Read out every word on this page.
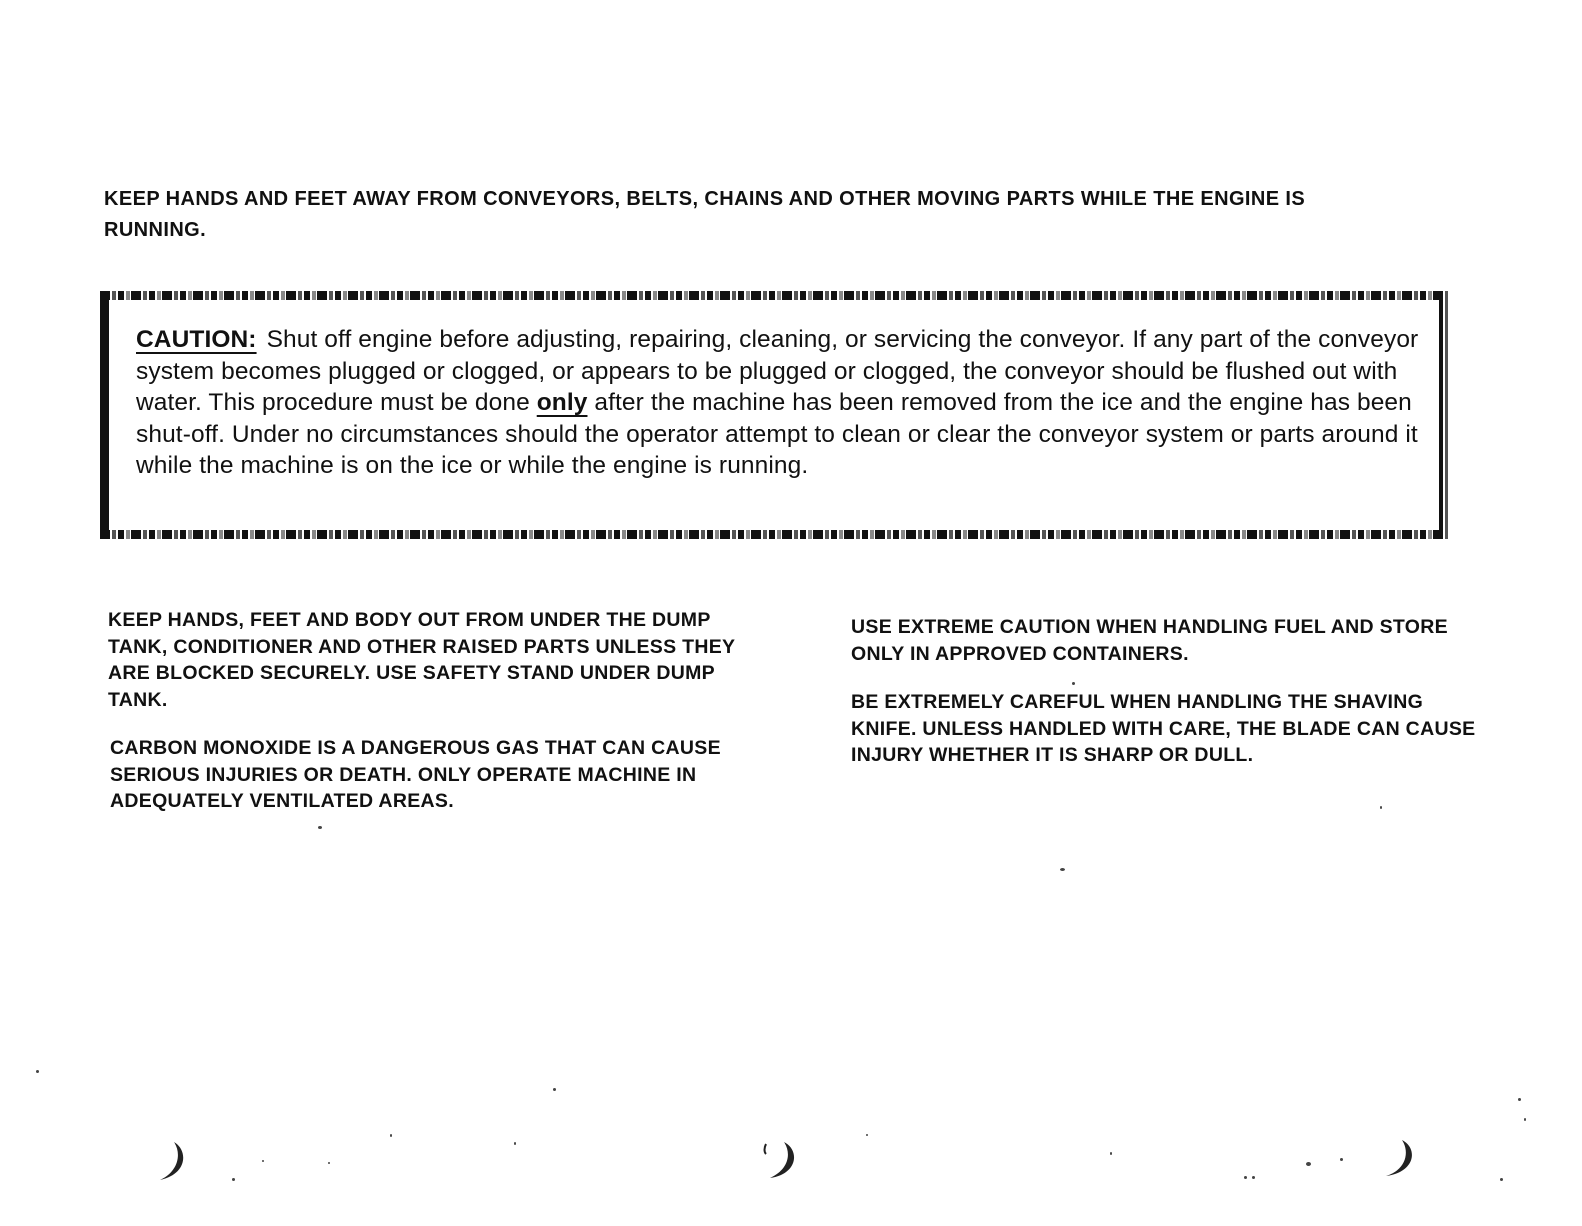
KEEP HANDS AND FEET AWAY FROM CONVEYORS, BELTS, CHAINS AND OTHER MOVING PARTS WHILE THE ENGINE IS RUNNING.

CAUTION: Shut off engine before adjusting, repairing, cleaning, or servicing the conveyor. If any part of the conveyor system becomes plugged or clogged, or appears to be plugged or clogged, the conveyor should be flushed out with water. This procedure must be done only after the machine has been removed from the ice and the engine has been shut-off. Under no circumstances should the operator attempt to clean or clear the conveyor system or parts around it while the machine is on the ice or while the engine is running.

KEEP HANDS, FEET AND BODY OUT FROM UNDER THE DUMP TANK, CONDITIONER AND OTHER RAISED PARTS UNLESS THEY ARE BLOCKED SECURELY. USE SAFETY STAND UNDER DUMP TANK.

CARBON MONOXIDE IS A DANGEROUS GAS THAT CAN CAUSE SERIOUS INJURIES OR DEATH. ONLY OPERATE MACHINE IN ADEQUATELY VENTILATED AREAS.

USE EXTREME CAUTION WHEN HANDLING FUEL AND STORE ONLY IN APPROVED CONTAINERS.

BE EXTREMELY CAREFUL WHEN HANDLING THE SHAVING KNIFE. UNLESS HANDLED WITH CARE, THE BLADE CAN CAUSE INJURY WHETHER IT IS SHARP OR DULL.
